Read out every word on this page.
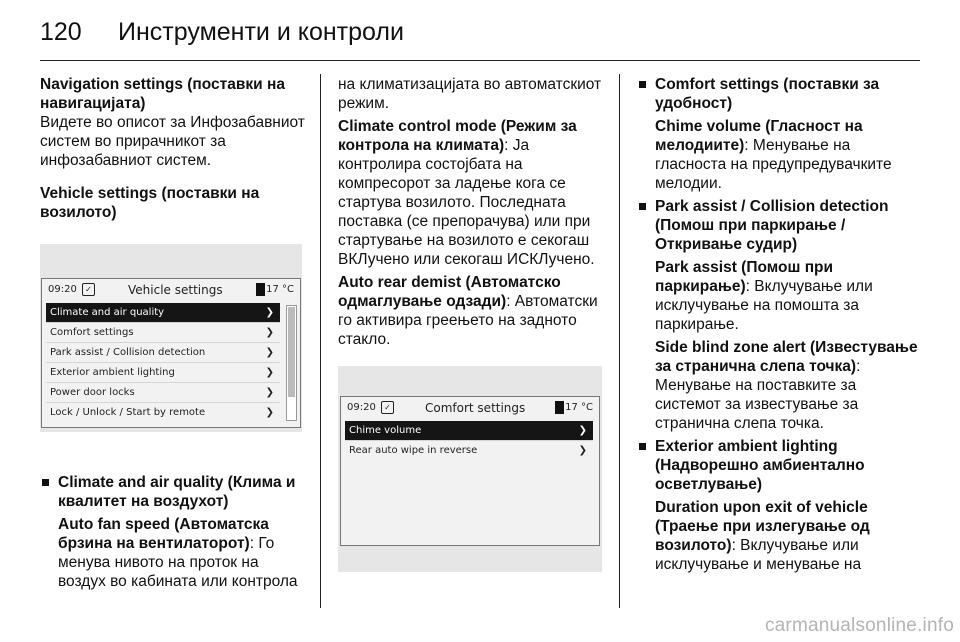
120 Инструменти и контроли

Navigation settings (поставки на навигацијата)

Видете во описот за Инфозабавниот систем во прирачникот за инфозабавниот систем.

Vehicle settings (поставки на возилото)

09:20	✓	Vehicle settings	17 °C
Climate and air quality	❯
Comfort settings	❯
Park assist / Collision detection	❯
Exterior ambient lighting	❯
Power door locks	❯
Lock / Unlock / Start by remote	❯
Climate and air quality (Клима и квалитет на воздухот)
Auto fan speed (Автоматска брзина на вентилаторот): Го менува нивото на проток на воздух во кабината или контрола

на климатизацијата во автоматскиот режим.

Climate control mode (Режим за контрола на климата): Ја контролира состојбата на компресорот за ладење кога се стартува возилото. Последната поставка (се препорачува) или при стартување на возилото е секогаш ВКЛучено или секогаш ИСКЛучено.

Auto rear demist (Автоматско одмаглување одзади): Автоматски го активира греењето на задното стакло.

09:20	✓	Comfort settings	17 °C
Chime volume	❯
Rear auto wipe in reverse	❯
Comfort settings (поставки за удобност)
Chime volume (Гласност на мелодиите): Менување на гласноста на предупредувачките мелодии.
Park assist / Collision detection (Помош при паркирање / Откривање судир)
Park assist (Помош при паркирање): Вклучување или исклучување на помошта за паркирање.
Side blind zone alert (Известување за странична слепа точка): Менување на поставките за системот за известување за странична слепа точка.
Exterior ambient lighting (Надворешно амбиентално осветлување)
Duration upon exit of vehicle (Траење при излегување од возилото): Вклучување или исклучување и менување на
carmanualsonline.info
